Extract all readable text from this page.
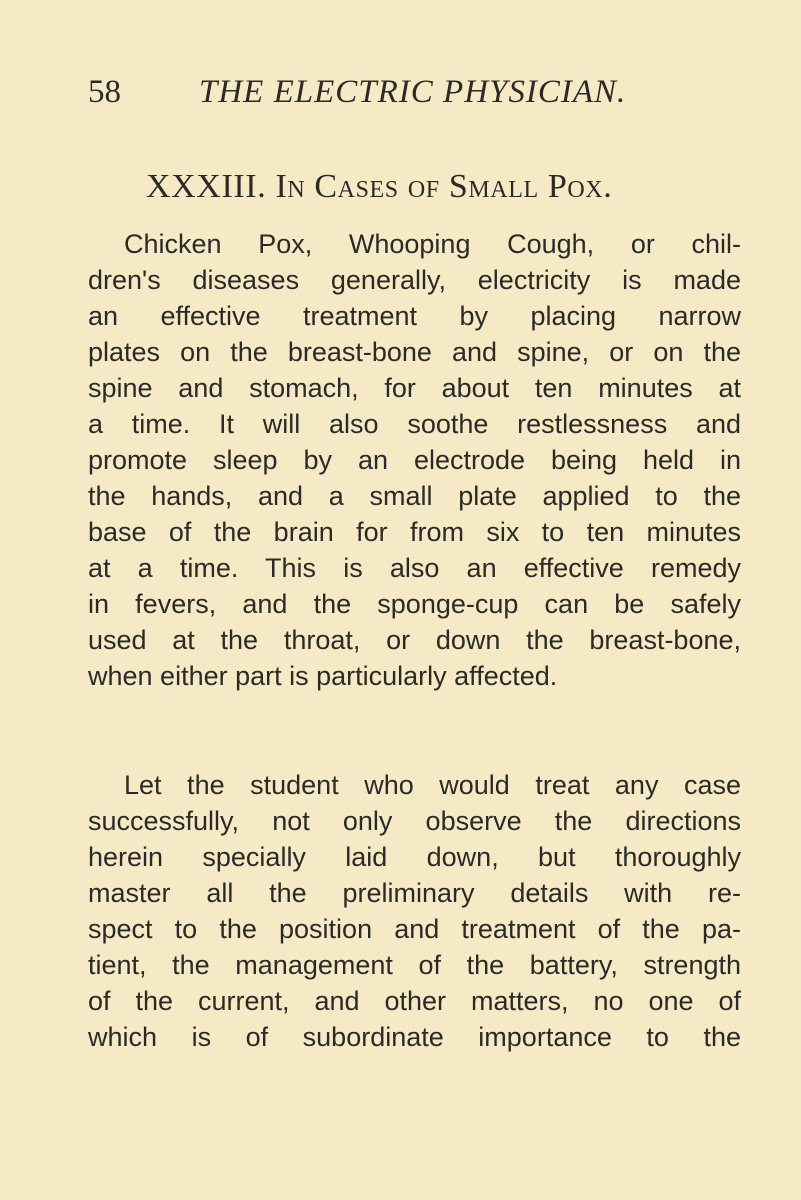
58 THE ELECTRIC PHYSICIAN.
XXXIII. In Cases of Small Pox.
Chicken Pox, Whooping Cough, or chil-
dren's diseases generally, electricity is made
an effective treatment by placing narrow
plates on the breast-bone and spine, or on the
spine and stomach, for about ten minutes at
a time. It will also soothe restlessness and
promote sleep by an electrode being held in
the hands, and a small plate applied to the
base of the brain for from six to ten minutes
at a time. This is also an effective remedy
in fevers, and the sponge-cup can be safely
used at the throat, or down the breast-bone,
when either part is particularly affected.
Let the student who would treat any case
successfully, not only observe the directions
herein specially laid down, but thoroughly
master all the preliminary details with re-
spect to the position and treatment of the pa-
tient, the management of the battery, strength
of the current, and other matters, no one of
which is of subordinate importance to the
